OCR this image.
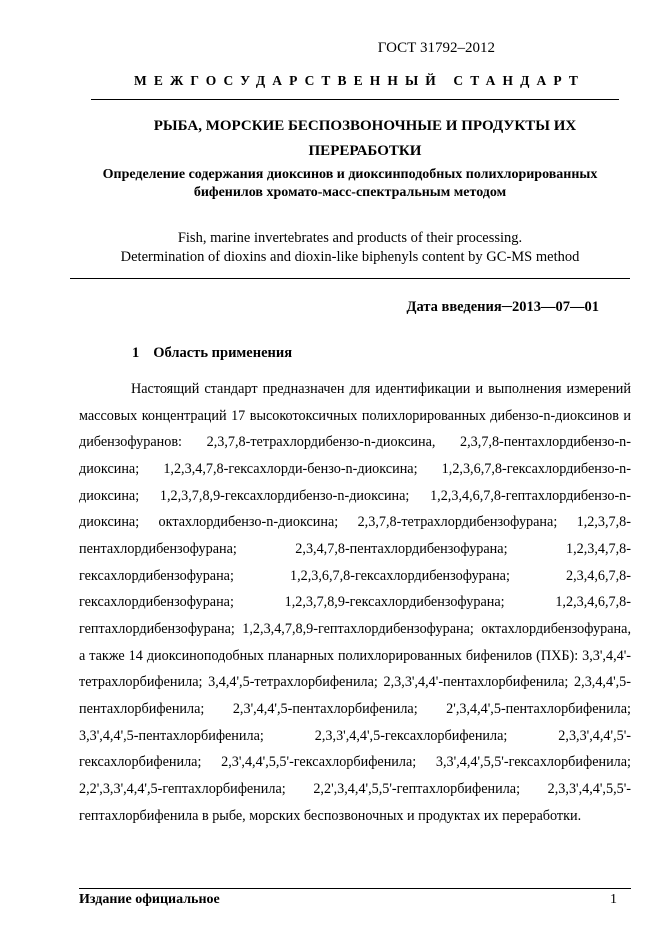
ГОСТ 31792–2012
МЕЖГОСУДАРСТВЕННЫЙ СТАНДАРТ
РЫБА, МОРСКИЕ БЕСПОЗВОНОЧНЫЕ И ПРОДУКТЫ ИХ ПЕРЕРАБОТКИ
Определение содержания диоксинов и диоксинподобных полихлорированных бифенилов хромато-масс-спектральным методом
Fish, marine invertebrates and products of their processing.
Determination of dioxins and dioxin-like biphenyls content by GC-MS method
Дата введения─2013—07—01
1 Область применения
Настоящий стандарт предназначен для идентификации и выполнения измерений массовых концентраций 17 высокотоксичных полихлорированных дибензо-n-диоксинов и дибензофуранов: 2,3,7,8-тетрахлордибензо-n-диоксина, 2,3,7,8-пентахлордибензо-n-диоксина; 1,2,3,4,7,8-гексахлорди-бензо-n-диоксина; 1,2,3,6,7,8-гексахлордибензо-n-диоксина; 1,2,3,7,8,9-гексахлордибензо-n-диоксина; 1,2,3,4,6,7,8-гептахлордибензо-n-диоксина; октахлордибензо-n-диоксина; 2,3,7,8-тетрахлордибензофурана; 1,2,3,7,8-пентахлордибензофурана; 2,3,4,7,8-пентахлордибензофурана; 1,2,3,4,7,8-гексахлордибензофурана; 1,2,3,6,7,8-гексахлордибензофурана; 2,3,4,6,7,8-гексахлордибензофурана; 1,2,3,7,8,9-гексахлордибензофурана; 1,2,3,4,6,7,8-гептахлордибензофурана; 1,2,3,4,7,8,9-гептахлордибензофурана; октахлордибензофурана, а также 14 диоксиноподобных планарных полихлорированных бифенилов (ПХБ): 3,3',4,4'-тетрахлорбифенила; 3,4,4',5-тетрахлорбифенила; 2,3,3',4,4'-пентахлорбифенила; 2,3,4,4',5-пентахлорбифенила; 2,3',4,4',5-пентахлорбифенила; 2',3,4,4',5-пентахлорбифенила; 3,3',4,4',5-пентахлорбифенила; 2,3,3',4,4',5-гексахлорбифенила; 2,3,3',4,4',5'-гексахлорбифенила; 2,3',4,4',5,5'-гексахлорбифенила; 3,3',4,4',5,5'-гексахлорбифенила; 2,2',3,3',4,4',5-гептахлорбифенила; 2,2',3,4,4',5,5'-гептахлорбифенила; 2,3,3',4,4',5,5'-гептахлорбифенила в рыбе, морских беспозвоночных и продуктах их переработки.
Издание официальное	1
